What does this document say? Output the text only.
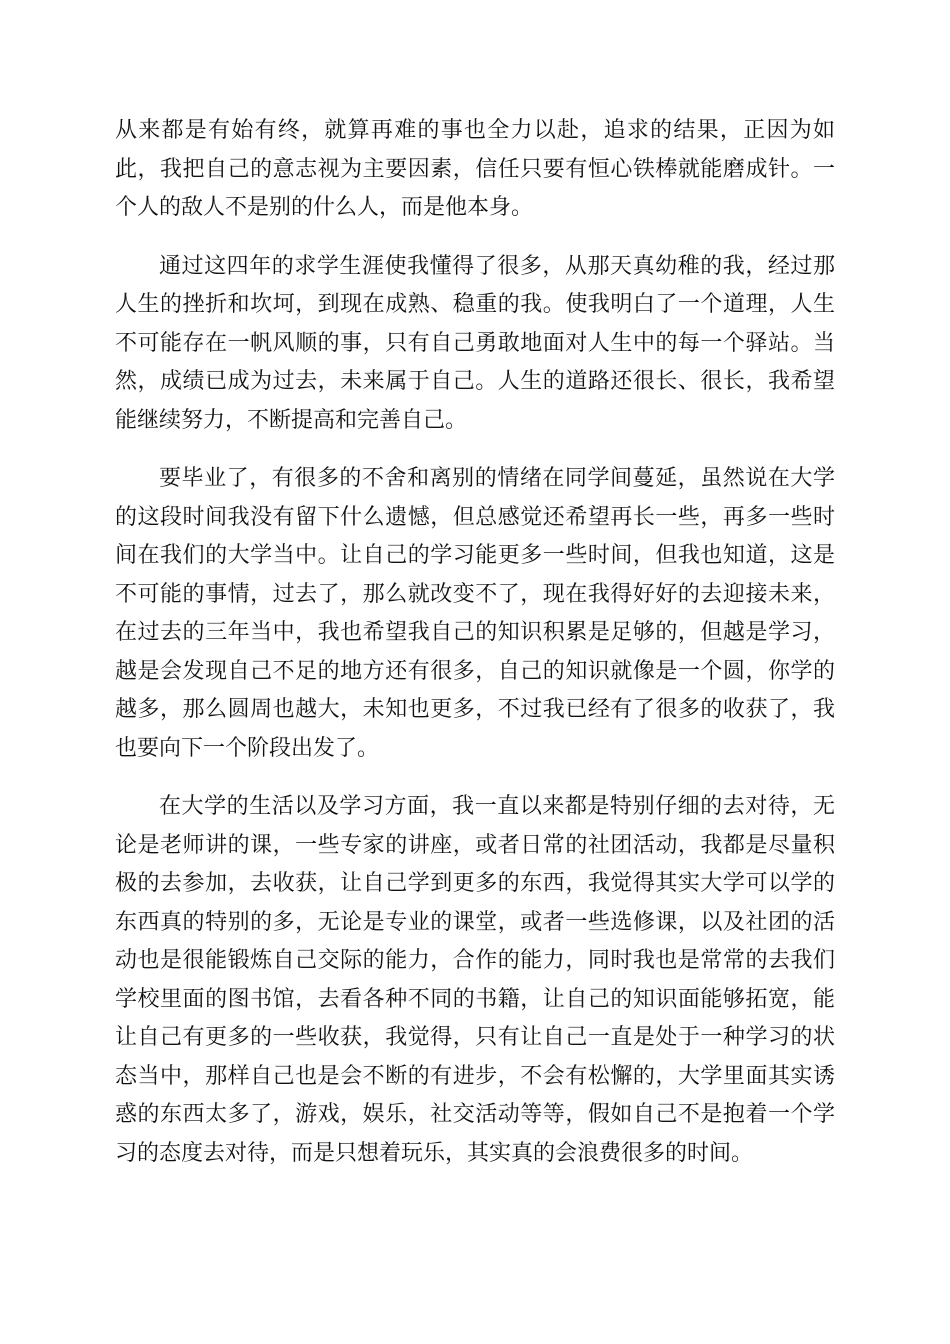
从来都是有始有终，就算再难的事也全力以赴，追求的结果，正因为如此，我把自己的意志视为主要因素，信任只要有恒心铁棒就能磨成针。一个人的敌人不是别的什么人，而是他本身。

通过这四年的求学生涯使我懂得了很多，从那天真幼稚的我，经过那人生的挫折和坎坷，到现在成熟、稳重的我。使我明白了一个道理，人生不可能存在一帆风顺的事，只有自己勇敢地面对人生中的每一个驿站。当然，成绩已成为过去，未来属于自己。人生的道路还很长、很长，我希望能继续努力，不断提高和完善自己。

要毕业了，有很多的不舍和离别的情绪在同学间蔓延，虽然说在大学的这段时间我没有留下什么遗憾，但总感觉还希望再长一些，再多一些时间在我们的大学当中。让自己的学习能更多一些时间，但我也知道，这是不可能的事情，过去了，那么就改变不了，现在我得好好的去迎接未来，在过去的三年当中，我也希望我自己的知识积累是足够的，但越是学习，越是会发现自己不足的地方还有很多，自己的知识就像是一个圆，你学的越多，那么圆周也越大，未知也更多，不过我已经有了很多的收获了，我也要向下一个阶段出发了。

在大学的生活以及学习方面，我一直以来都是特别仔细的去对待，无论是老师讲的课，一些专家的讲座，或者日常的社团活动，我都是尽量积极的去参加，去收获，让自己学到更多的东西，我觉得其实大学可以学的东西真的特别的多，无论是专业的课堂，或者一些选修课，以及社团的活动也是很能锻炼自己交际的能力，合作的能力，同时我也是常常的去我们学校里面的图书馆，去看各种不同的书籍，让自己的知识面能够拓宽，能让自己有更多的一些收获，我觉得，只有让自己一直是处于一种学习的状态当中，那样自己也是会不断的有进步，不会有松懈的，大学里面其实诱惑的东西太多了，游戏，娱乐，社交活动等等，假如自己不是抱着一个学习的态度去对待，而是只想着玩乐，其实真的会浪费很多的时间。
